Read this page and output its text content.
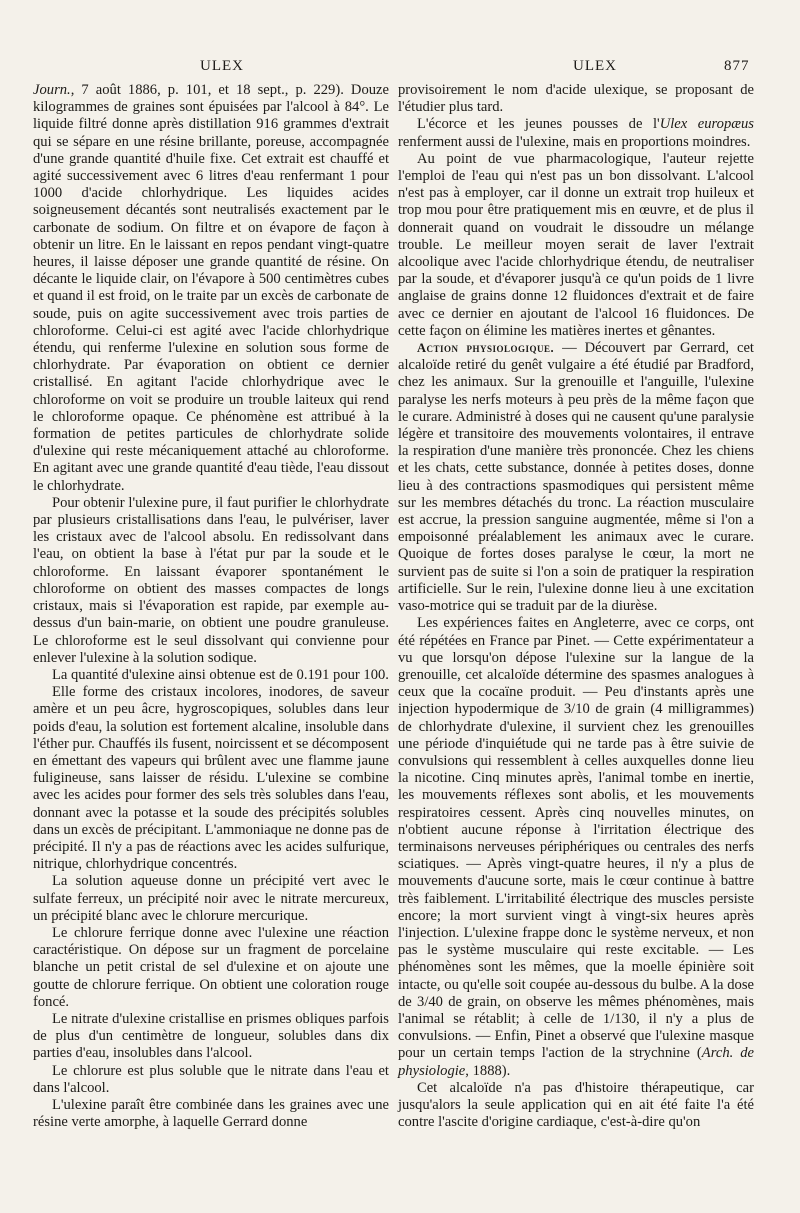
ULEX	ULEX	877

Journ., 7 août 1886, p. 101, et 18 sept., p. 229). Douze kilogrammes de graines sont épuisées par l'alcool à 84°. Le liquide filtré donne après distillation 916 grammes d'extrait qui se sépare en une résine brillante, poreuse, accompagnée d'une grande quantité d'huile fixe. Cet extrait est chauffé et agité successivement avec 6 litres d'eau renfermant 1 pour 1000 d'acide chlorhydrique. Les liquides acides soigneusement décantés sont neutralisés exactement par le carbonate de sodium. On filtre et on évapore de façon à obtenir un litre. En le laissant en repos pendant vingt-quatre heures, il laisse déposer une grande quantité de résine. On décante le liquide clair, on l'évapore à 500 centimètres cubes et quand il est froid, on le traite par un excès de carbonate de soude, puis on agite successivement avec trois parties de chloroforme. Celui-ci est agité avec l'acide chlorhydrique étendu, qui renferme l'ulexine en solution sous forme de chlorhydrate. Par évaporation on obtient ce dernier cristallisé. En agitant l'acide chlorhydrique avec le chloroforme on voit se produire un trouble laiteux qui rend le chloroforme opaque. Ce phénomène est attribué à la formation de petites particules de chlorhydrate solide d'ulexine qui reste mécaniquement attaché au chloroforme. En agitant avec une grande quantité d'eau tiède, l'eau dissout le chlorhydrate.

Pour obtenir l'ulexine pure, il faut purifier le chlorhydrate par plusieurs cristallisations dans l'eau, le pulvériser, laver les cristaux avec de l'alcool absolu. En redissolvant dans l'eau, on obtient la base à l'état pur par la soude et le chloroforme. En laissant évaporer spontanément le chloroforme on obtient des masses compactes de longs cristaux, mais si l'évaporation est rapide, par exemple au-dessus d'un bain-marie, on obtient une poudre granuleuse. Le chloroforme est le seul dissolvant qui convienne pour enlever l'ulexine à la solution sodique.

La quantité d'ulexine ainsi obtenue est de 0.191 pour 100.

Elle forme des cristaux incolores, inodores, de saveur amère et un peu âcre, hygroscopiques, solubles dans leur poids d'eau, la solution est fortement alcaline, insoluble dans l'éther pur. Chauffés ils fusent, noircissent et se décomposent en émettant des vapeurs qui brûlent avec une flamme jaune fuligineuse, sans laisser de résidu. L'ulexine se combine avec les acides pour former des sels très solubles dans l'eau, donnant avec la potasse et la soude des précipités solubles dans un excès de précipitant. L'ammoniaque ne donne pas de précipité. Il n'y a pas de réactions avec les acides sulfurique, nitrique, chlorhydrique concentrés.

La solution aqueuse donne un précipité vert avec le sulfate ferreux, un précipité noir avec le nitrate mercureux, un précipité blanc avec le chlorure mercurique.

Le chlorure ferrique donne avec l'ulexine une réaction caractéristique. On dépose sur un fragment de porcelaine blanche un petit cristal de sel d'ulexine et on ajoute une goutte de chlorure ferrique. On obtient une coloration rouge foncé.

Le nitrate d'ulexine cristallise en prismes obliques parfois de plus d'un centimètre de longueur, solubles dans dix parties d'eau, insolubles dans l'alcool.

Le chlorure est plus soluble que le nitrate dans l'eau et dans l'alcool.

L'ulexine paraît être combinée dans les graines avec une résine verte amorphe, à laquelle Gerrard donne

provisoirement le nom d'acide ulexique, se proposant de l'étudier plus tard.

L'écorce et les jeunes pousses de l'Ulex europæus renferment aussi de l'ulexine, mais en proportions moindres.

Au point de vue pharmacologique, l'auteur rejette l'emploi de l'eau qui n'est pas un bon dissolvant. L'alcool n'est pas à employer, car il donne un extrait trop huileux et trop mou pour être pratiquement mis en œuvre, et de plus il donnerait quand on voudrait le dissoudre un mélange trouble. Le meilleur moyen serait de laver l'extrait alcoolique avec l'acide chlorhydrique étendu, de neutraliser par la soude, et d'évaporer jusqu'à ce qu'un poids de 1 livre anglaise de grains donne 12 fluidonces d'extrait et de faire avec ce dernier en ajoutant de l'alcool 16 fluidonces. De cette façon on élimine les matières inertes et gênantes.

Action physiologique. — Découvert par Gerrard, cet alcaloïde retiré du genêt vulgaire a été étudié par Bradford, chez les animaux. Sur la grenouille et l'anguille, l'ulexine paralyse les nerfs moteurs à peu près de la même façon que le curare. Administré à doses qui ne causent qu'une paralysie légère et transitoire des mouvements volontaires, il entrave la respiration d'une manière très prononcée. Chez les chiens et les chats, cette substance, donnée à petites doses, donne lieu à des contractions spasmodiques qui persistent même sur les membres détachés du tronc. La réaction musculaire est accrue, la pression sanguine augmentée, même si l'on a empoisonné préalablement les animaux avec le curare. Quoique de fortes doses paralyse le cœur, la mort ne survient pas de suite si l'on a soin de pratiquer la respiration artificielle. Sur le rein, l'ulexine donne lieu à une excitation vaso-motrice qui se traduit par de la diurèse.

Les expériences faites en Angleterre, avec ce corps, ont été répétées en France par Pinet. — Cette expérimentateur a vu que lorsqu'on dépose l'ulexine sur la langue de la grenouille, cet alcaloïde détermine des spasmes analogues à ceux que la cocaïne produit. — Peu d'instants après une injection hypodermique de 3/10 de grain (4 milligrammes) de chlorhydrate d'ulexine, il survient chez les grenouilles une période d'inquiétude qui ne tarde pas à être suivie de convulsions qui ressemblent à celles auxquelles donne lieu la nicotine. Cinq minutes après, l'animal tombe en inertie, les mouvements réflexes sont abolis, et les mouvements respiratoires cessent. Après cinq nouvelles minutes, on n'obtient aucune réponse à l'irritation électrique des terminaisons nerveuses périphériques ou centrales des nerfs sciatiques. — Après vingt-quatre heures, il n'y a plus de mouvements d'aucune sorte, mais le cœur continue à battre très faiblement. L'irritabilité électrique des muscles persiste encore; la mort survient vingt à vingt-six heures après l'injection. L'ulexine frappe donc le système nerveux, et non pas le système musculaire qui reste excitable. — Les phénomènes sont les mêmes, que la moelle épinière soit intacte, ou qu'elle soit coupée au-dessous du bulbe. A la dose de 3/40 de grain, on observe les mêmes phénomènes, mais l'animal se rétablit; à celle de 1/130, il n'y a plus de convulsions. — Enfin, Pinet a observé que l'ulexine masque pour un certain temps l'action de la strychnine (Arch. de physiologie, 1888).

Cet alcaloïde n'a pas d'histoire thérapeutique, car jusqu'alors la seule application qui en ait été faite l'a été contre l'ascite d'origine cardiaque, c'est-à-dire qu'on
